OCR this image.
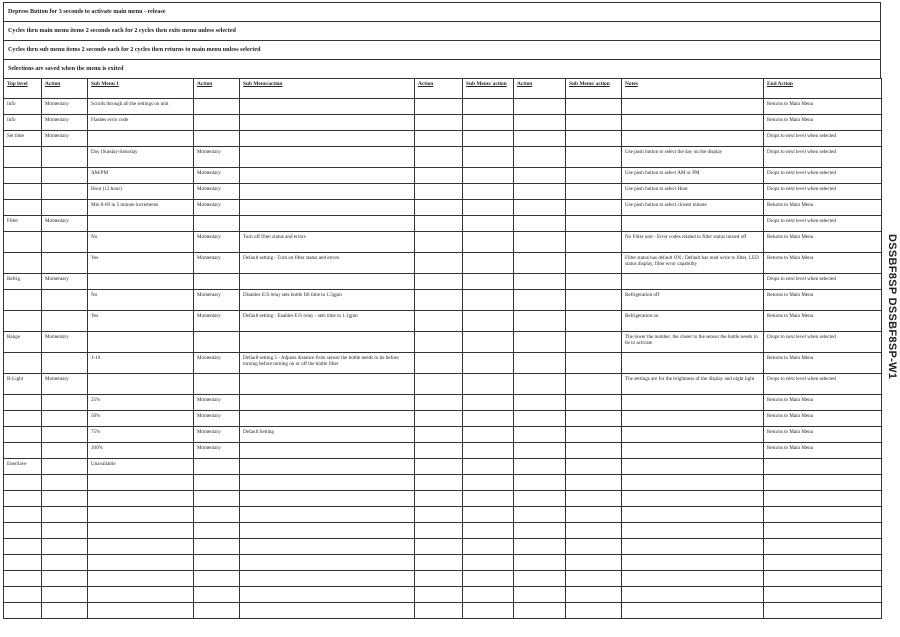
Depress Button for 3 seconds to activate main menu - release
Cycles thru main menu items 2 seconds each for 2 cycles then exits menu unless selected
Cycles thru sub menu items 2 seconds each for 2 cycles then returns to main menu unless selected
Selections are saved when the menu is exited
Top level	Action	Sub Menu 1	Action	Sub Menu/action	Action	Sub Menu/ action	Action	Sub Menu/ action	Notes	End Action
Info	Momentary	Scrolls through all the settings on unit								Returns to Main Menu
Info	Momentary	Flashes error code								Returns to Main Menu
Set time	Momentary									Drops to next level when selected
		Day (Sunday-Saturday	Momentary						Use push button to select the day on the display	Drops to next level when selected
		AM/PM	Momentary						Use push button to select AM or PM	Drops to next level when selected
		Hour (12 hour)	Momentary						Use push button to select Hour	Drops to next level when selected
		Min 0-69 in 5 minute increments	Momentary						Use push button to select closest minute	Returns to Main Menu
Filter	Momentary									Drops to next level when selected
		No	Momentary	Turn off filter status and errors					No Filter unit - Error codes related to filter status turned off	Returns to Main Menu
		Yes	Momentary	Default setting - Turn on filter status and errors					Filter status has default ON / Default has read write to filter, LED status display, filter error capability	Returns to Main Menu
Refrig	Momentary									Drops to next level when selected
		No	Momentary	Disables E/S relay sets bottle fill time to 1.5gpm					Refrigeration off	Returns to Main Menu
		Yes	Momentary	Default setting - Enables E/S relay - sets time to 1.1gpm					Refrigeration on	Returns to Main Menu
Range	Momentary								The lower the number, the closer to the sensor the bottle needs to be to activate	Drops to next level when selected
		1-10	Momentary	Default setting 5 - Adjusts distance from sensor the bottle needs to be before turning before turning on or off the bottle filler						Returns to Main Menu
B-Light	Momentary								The settings are for the brightness of the display and night light	Drops to next level when selected
		25%	Momentary							Returns to Main Menu
		50%	Momentary							Returns to Main Menu
		75%	Momentary	Default Setting						Returns to Main Menu
		100%	Momentary							Returns to Main Menu
EnerSave		Unavailable								

DSSBF8SP DSSBF8SP-W1
